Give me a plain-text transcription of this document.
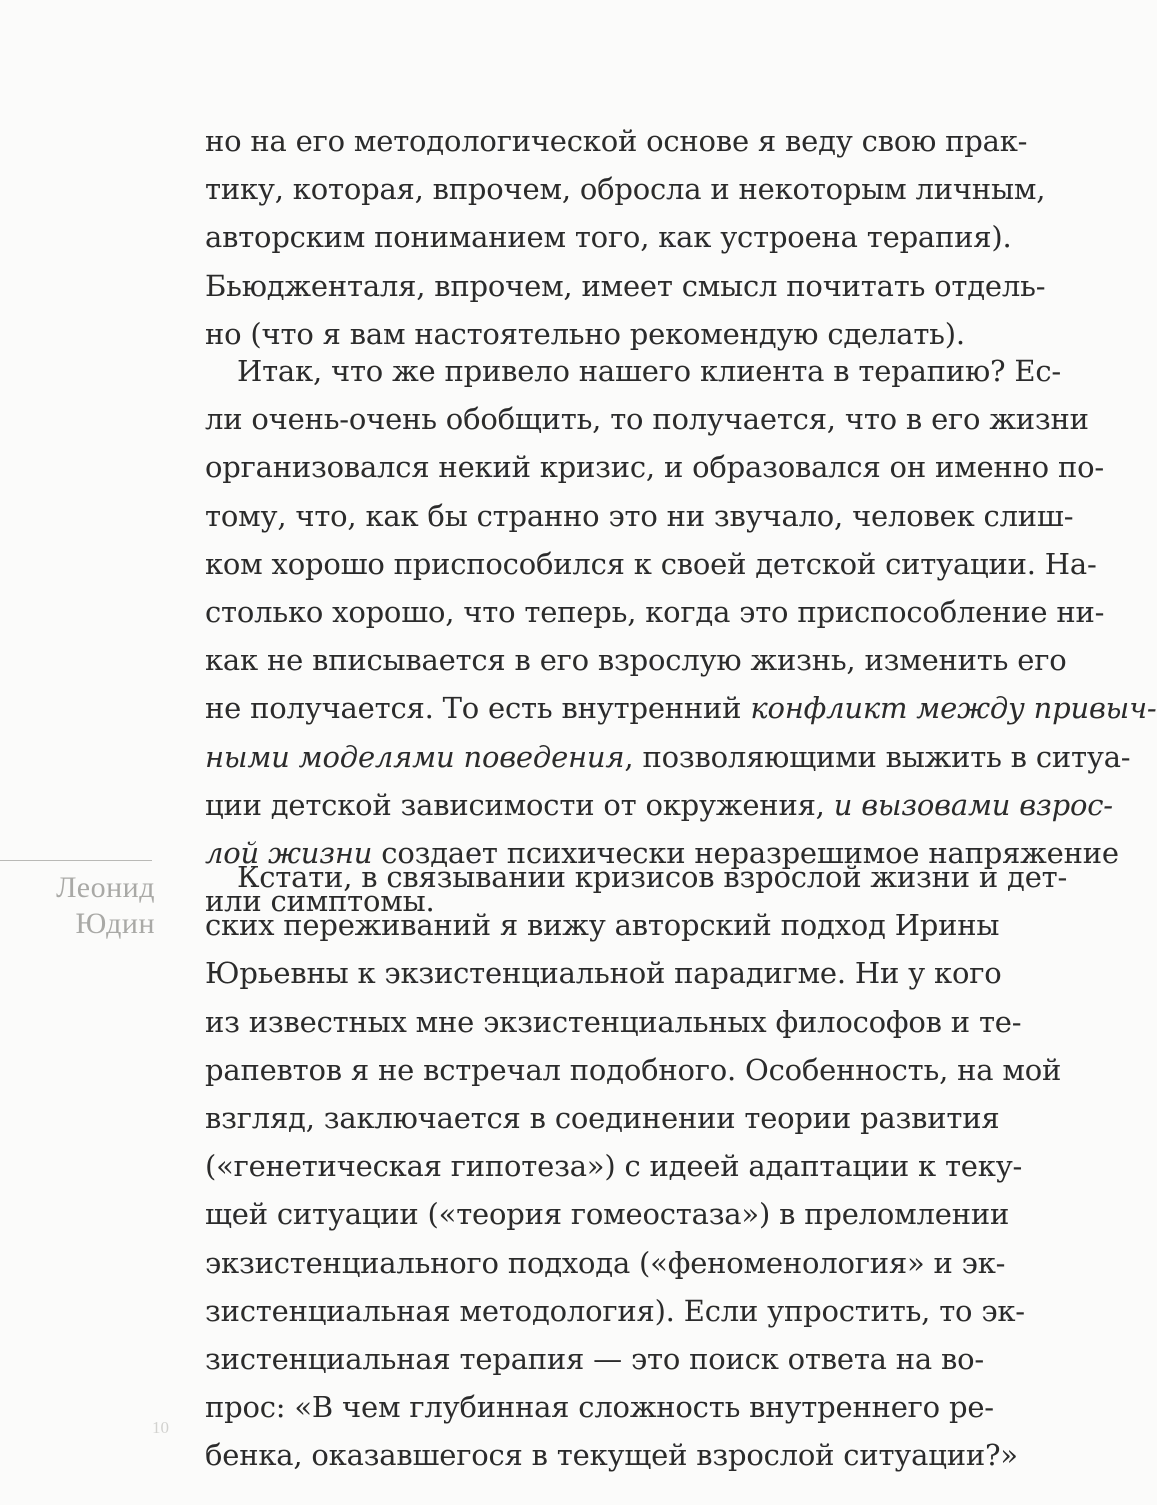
но на его методологической основе я веду свою прак-
тику, которая, впрочем, обросла и некоторым личным,
авторским пониманием того, как устроена терапия).
Бьюдженталя, впрочем, имеет смысл почитать отдель-
но (что я вам настоятельно рекомендую сделать).
Итак, что же привело нашего клиента в терапию? Ес-
ли очень-очень обобщить, то получается, что в его жизни
организовался некий кризис, и образовался он именно по-
тому, что, как бы странно это ни звучало, человек слиш-
ком хорошо приспособился к своей детской ситуации. На-
столько хорошо, что теперь, когда это приспособление ни-
как не вписывается в его взрослую жизнь, изменить его
не получается. То есть внутренний конфликт между привыч-
ными моделями поведения, позволяющими выжить в ситуа-
ции детской зависимости от окружения, и вызовами взрос-
лой жизни создает психически неразрешимое напряжение
или симптомы.
Леонид
Юдин
Кстати, в связывании кризисов взрослой жизни и дет-
ских переживаний я вижу авторский подход Ирины
Юрьевны к экзистенциальной парадигме. Ни у кого
из известных мне экзистенциальных философов и те-
рапевтов я не встречал подобного. Особенность, на мой
взгляд, заключается в соединении теории развития
(«генетическая гипотеза») с идеей адаптации к теку-
щей ситуации («теория гомеостаза») в преломлении
экзистенциального подхода («феноменология» и эк-
зистенциальная методология). Если упростить, то эк-
зистенциальная терапия — это поиск ответа на во-
прос: «В чем глубинная сложность внутреннего ре-
бенка, оказавшегося в текущей взрослой ситуации?»
10
